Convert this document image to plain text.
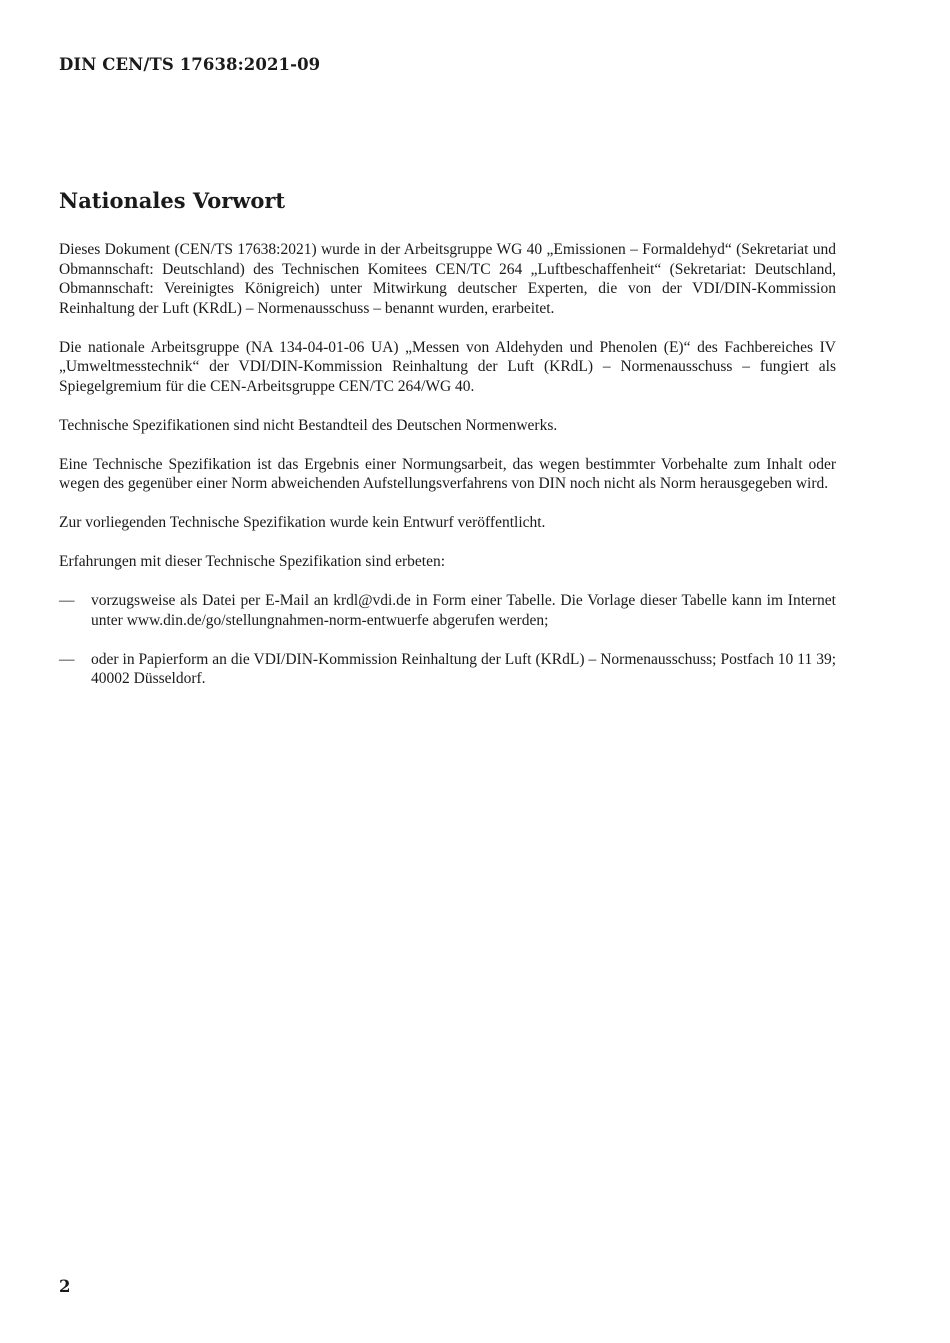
DIN CEN/TS 17638:2021-09
Nationales Vorwort

Dieses Dokument (CEN/TS 17638:2021) wurde in der Arbeitsgruppe WG 40 „Emissionen – Formaldehyd“ (Sekretariat und Obmannschaft: Deutschland) des Technischen Komitees CEN/TC 264 „Luftbeschaffenheit“ (Sekretariat: Deutschland, Obmannschaft: Vereinigtes Königreich) unter Mitwirkung deutscher Experten, die von der VDI/DIN-Kommission Reinhaltung der Luft (KRdL) – Normenausschuss – benannt wurden, erarbeitet.

Die nationale Arbeitsgruppe (NA 134-04-01-06 UA) „Messen von Aldehyden und Phenolen (E)“ des Fachbereiches IV „Umweltmesstechnik“ der VDI/DIN-Kommission Reinhaltung der Luft (KRdL) – Normenausschuss – fungiert als Spiegelgremium für die CEN-Arbeitsgruppe CEN/TC 264/WG 40.

Technische Spezifikationen sind nicht Bestandteil des Deutschen Normenwerks.

Eine Technische Spezifikation ist das Ergebnis einer Normungsarbeit, das wegen bestimmter Vorbehalte zum Inhalt oder wegen des gegenüber einer Norm abweichenden Aufstellungsverfahrens von DIN noch nicht als Norm herausgegeben wird.

Zur vorliegenden Technische Spezifikation wurde kein Entwurf veröffentlicht.

Erfahrungen mit dieser Technische Spezifikation sind erbeten:

— vorzugsweise als Datei per E-Mail an krdl@vdi.de in Form einer Tabelle. Die Vorlage dieser Tabelle kann im Internet unter www.din.de/go/stellungnahmen-norm-entwuerfe abgerufen werden;
— oder in Papierform an die VDI/DIN-Kommission Reinhaltung der Luft (KRdL) – Normenausschuss; Postfach 10 11 39; 40002 Düsseldorf.
2
